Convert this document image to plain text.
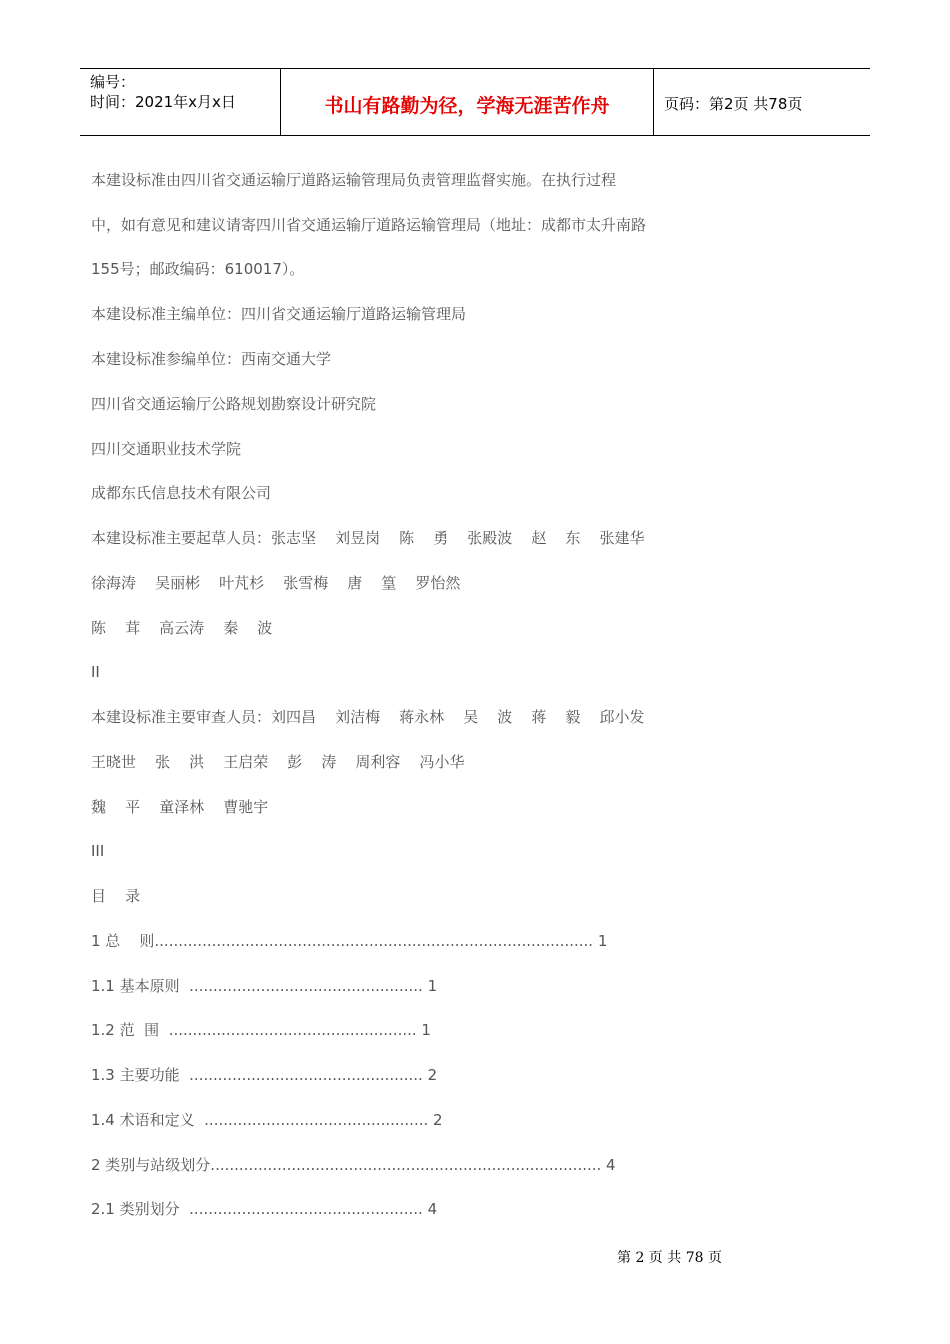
编号：
时间：2021年x月x日	书山有路勤为径，学海无涯苦作舟	页码：第2页 共78页
本建设标准由四川省交通运输厅道路运输管理局负责管理监督实施。在执行过程
中，如有意见和建议请寄四川省交通运输厅道路运输管理局（地址：成都市太升南路
155号；邮政编码：610017）。
本建设标准主编单位：四川省交通运输厅道路运输管理局
本建设标准参编单位：西南交通大学
四川省交通运输厅公路规划勘察设计研究院
四川交通职业技术学院
成都东氏信息技术有限公司
本建设标准主要起草人员：张志坚    刘昱岗    陈    勇    张殿波    赵    东    张建华
徐海涛    吴丽彬    叶芃杉    张雪梅    唐    篁    罗怡然
陈    茸    高云涛    秦    波
II
本建设标准主要审查人员：刘四昌    刘洁梅    蒋永林    吴    波    蒋    毅    邱小发
王晓世    张    洪    王启荣    彭    涛    周利容    冯小华
魏    平    童泽林    曹驰宇
III
目    录
1 总    则............................................................................................ 1
1.1 基本原则  ................................................. 1
1.2 范  围  .................................................... 1
1.3 主要功能  ................................................. 2
1.4 术语和定义  ............................................... 2
2 类别与站级划分.................................................................................. 4
2.1 类别划分  ................................................. 4
第 2 页 共 78 页
